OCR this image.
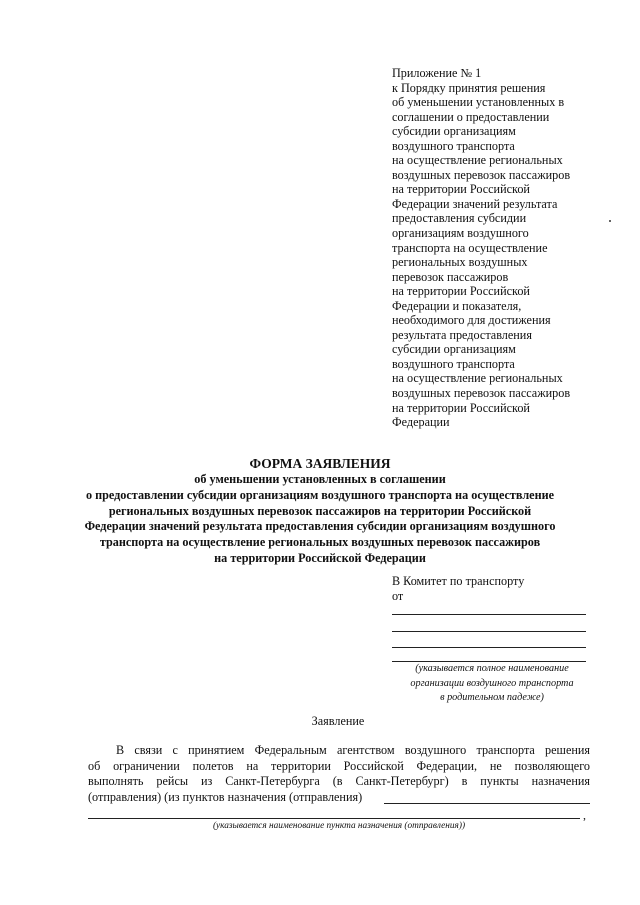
Приложение № 1
к Порядку принятия решения
об уменьшении установленных в
соглашении о предоставлении
субсидии организациям
воздушного транспорта
на осуществление региональных
воздушных перевозок пассажиров
на территории Российской
Федерации значений результата
предоставления субсидии
организациям воздушного
транспорта на осуществление
региональных воздушных
перевозок пассажиров
на территории Российской
Федерации и показателя,
необходимого для достижения
результата предоставления
субсидии организациям
воздушного транспорта
на осуществление региональных
воздушных перевозок пассажиров
на территории Российской
Федерации
ФОРМА ЗАЯВЛЕНИЯ
об уменьшении установленных в соглашении
о предоставлении субсидии организациям воздушного транспорта на осуществление
региональных воздушных перевозок пассажиров на территории Российской
Федерации значений результата предоставления субсидии организациям воздушного
транспорта на осуществление региональных воздушных перевозок пассажиров
на территории Российской Федерации
В Комитет по транспорту
от
(указывается полное наименование
организации воздушного транспорта
в родительном падеже)
Заявление
В связи с принятием Федеральным агентством воздушного транспорта решения
об ограничении полетов на территории Российской Федерации, не позволяющего
выполнять рейсы из Санкт-Петербурга (в Санкт-Петербург) в пункты назначения
(отправления) (из пунктов назначения (отправления)
,
(указывается наименование пункта назначения (отправления))
